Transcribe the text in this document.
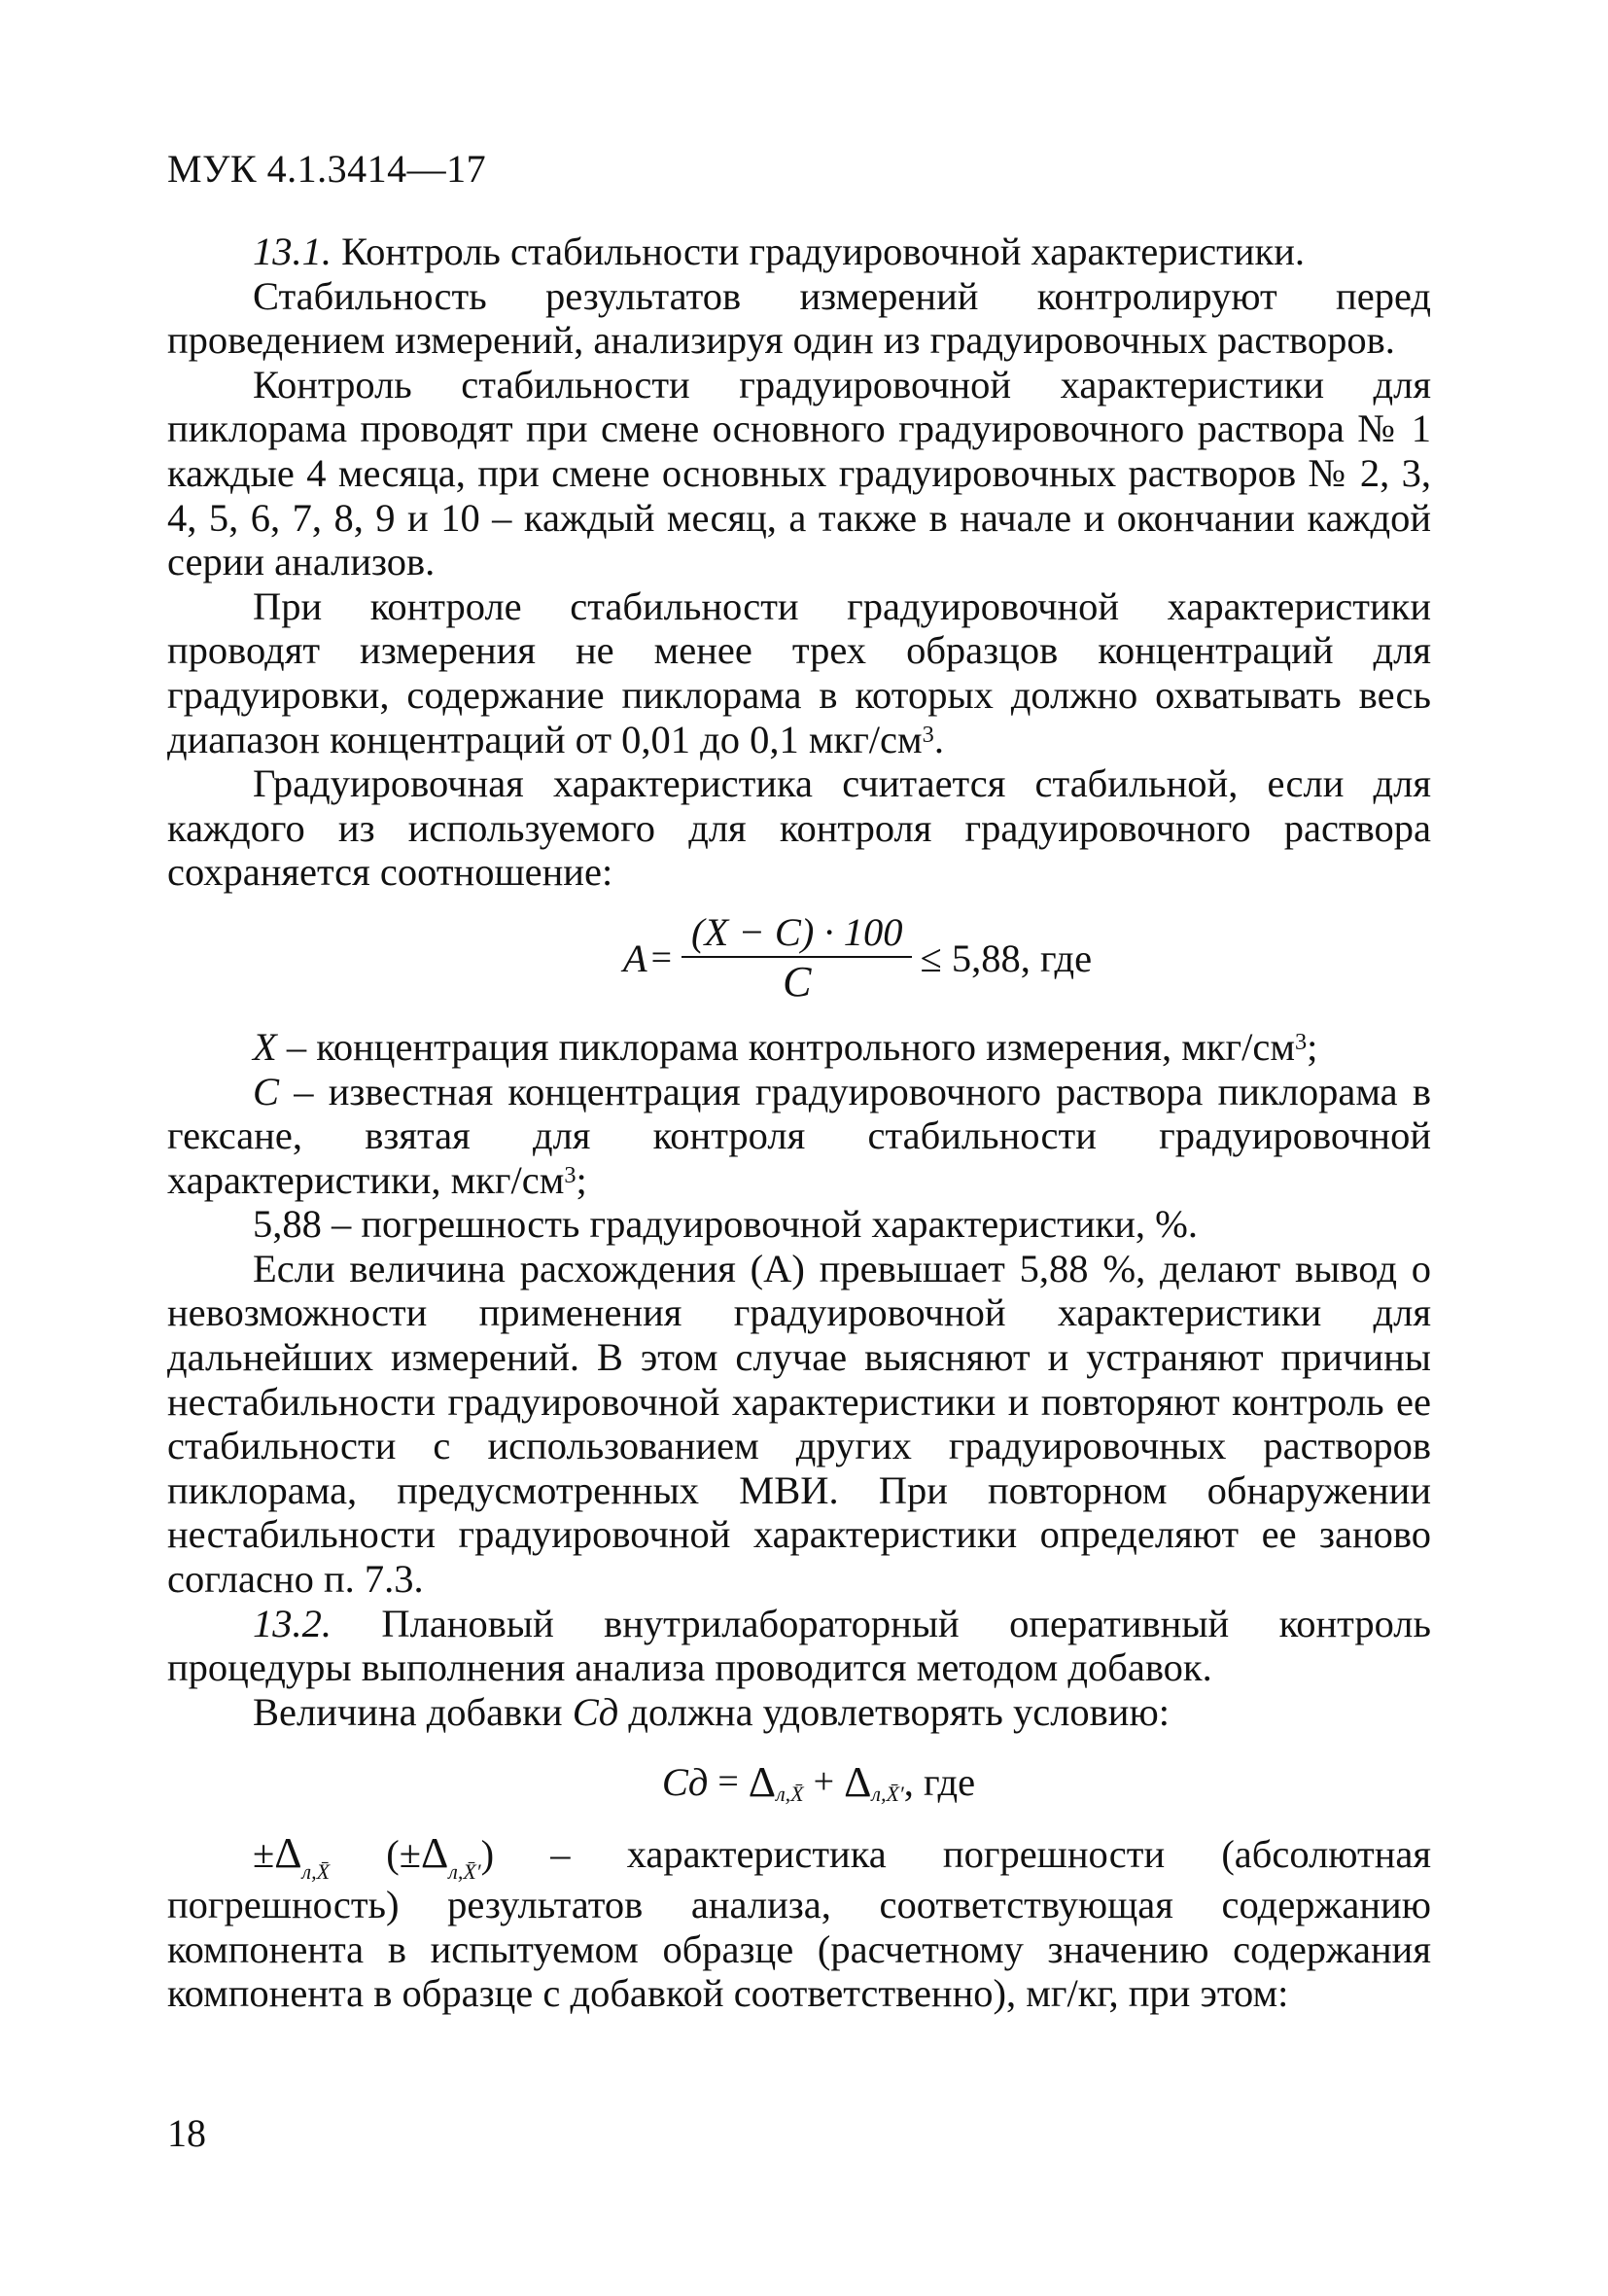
МУК 4.1.3414—17

13.1. Контроль стабильности градуировочной характеристики.

Стабильность результатов измерений контролируют перед проведением измерений, анализируя один из градуировочных растворов.

Контроль стабильности градуировочной характеристики для пиклорама проводят при смене основного градуировочного раствора № 1 каждые 4 месяца, при смене основных градуировочных растворов № 2, 3, 4, 5, 6, 7, 8, 9 и 10 – каждый месяц, а также в начале и окончании каждой серии анализов.

При контроле стабильности градуировочной характеристики проводят измерения не менее трех образцов концентраций для градуировки, содержание пиклорама в которых должно охватывать весь диапазон концентраций от 0,01 до 0,1 мкг/$см^3$.

Градуировочная характеристика считается стабильной, если для каждого из используемого для контроля градуировочного раствора сохраняется соотношение:

$A = \frac{(X - C) \cdot 100}{C} \le 5,88$ , где

X – концентрация пиклорама контрольного измерения, мкг/$см^3$;

C – известная концентрация градуировочного раствора пиклорама в гексане, взятая для контроля стабильности градуировочной характеристики, мкг/$см^3$;

5,88 – погрешность градуировочной характеристики, %.

Если величина расхождения (А) превышает 5,88 %, делают вывод о невозможности применения градуировочной характеристики для дальнейших измерений. В этом случае выясняют и устраняют причины нестабильности градуировочной характеристики и повторяют контроль ее стабильности с использованием других градуировочных растворов пиклорама, предусмотренных МВИ. При повторном обнаружении нестабильности градуировочной характеристики определяют ее заново согласно п. 7.3.

13.2. Плановый внутрилабораторный оперативный контроль процедуры выполнения анализа проводится методом добавок.

Величина добавки Cд должна удовлетворять условию:

Cд = Δ л,X̄ + Δ л,X̄′ , где

$\pm\Delta_{л,X̄}$ $(\pm\Delta_{л,X̄'})$ – характеристика погрешности (абсолютная погрешность) результатов анализа, соответствующая содержанию компонента в испытуемом образце (расчетному значению содержания компонента в образце с добавкой соответственно), мг/кг, при этом:

18
